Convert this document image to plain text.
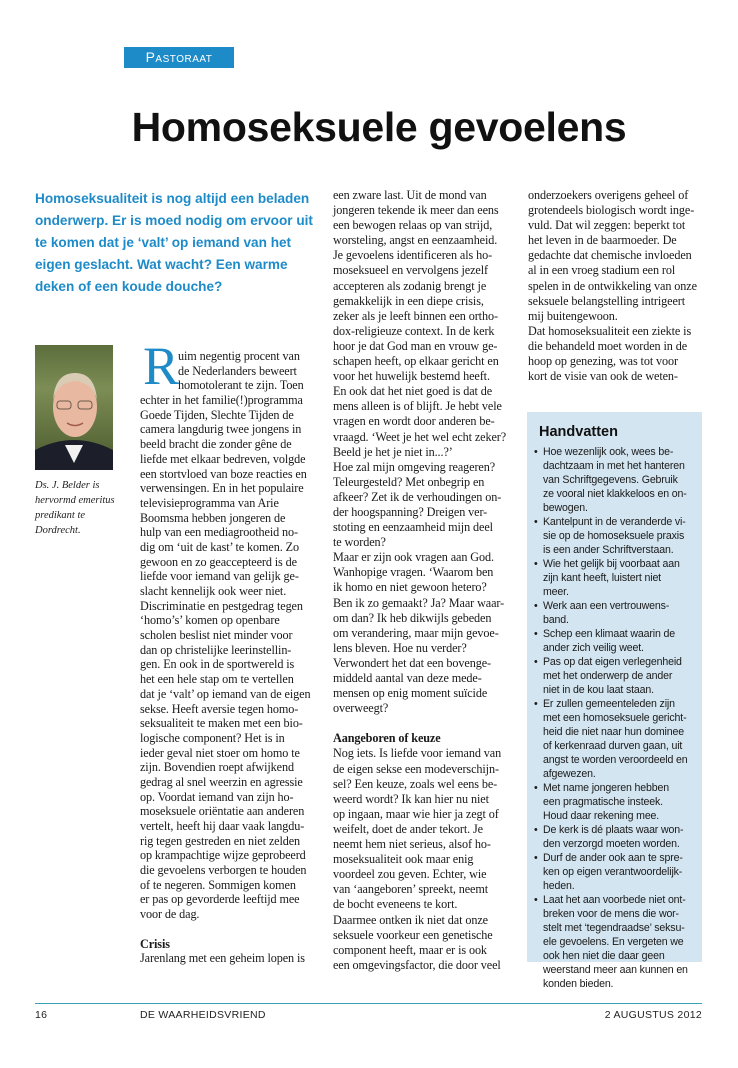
Pastoraat
Homoseksuele gevoelens
Homoseksualiteit is nog altijd een beladen onderwerp. Er is moed nodig om ervoor uit te komen dat je ‘valt’ op iemand van het eigen geslacht. Wat wacht? Een warme deken of een koude douche?
Ds. J. Belder is hervormd emeritus predikant te Dordrecht.
R
uim negentig procent van
de Nederlanders beweert
homotolerant te zijn. Toen
echter in het familie(!)programma
Goede Tijden, Slechte Tijden de
camera langdurig twee jongens in
beeld bracht die zonder gêne de
liefde met elkaar bedreven, volgde
een stortvloed van boze reacties en
verwensingen. En in het populaire
televisieprogramma van Arie
Boomsma hebben jongeren de
hulp van een mediagrootheid no-
dig om ‘uit de kast’ te komen. Zo
gewoon en zo geaccepteerd is de
liefde voor iemand van gelijk ge-
slacht kennelijk ook weer niet.
Discriminatie en pestgedrag tegen
‘homo’s’ komen op openbare
scholen beslist niet minder voor
dan op christelijke leerinstellin-
gen. En ook in de sportwereld is
het een hele stap om te vertellen
dat je ‘valt’ op iemand van de eigen
sekse. Heeft aversie tegen homo-
seksualiteit te maken met een bio-
logische component? Het is in
ieder geval niet stoer om homo te
zijn. Bovendien roept afwijkend
gedrag al snel weerzin en agressie
op. Voordat iemand van zijn ho-
moseksuele oriëntatie aan anderen
vertelt, heeft hij daar vaak langdu-
rig tegen gestreden en niet zelden
op krampachtige wijze geprobeerd
die gevoelens verborgen te houden
of te negeren. Sommigen komen
er pas op gevorderde leeftijd mee
voor de dag.
Crisis
Jarenlang met een geheim lopen is
een zware last. Uit de mond van
jongeren tekende ik meer dan eens
een bewogen relaas op van strijd,
worsteling, angst en eenzaamheid.
Je gevoelens identificeren als ho-
moseksueel en vervolgens jezelf
accepteren als zodanig brengt je
gemakkelijk in een diepe crisis,
zeker als je leeft binnen een ortho-
dox-religieuze context. In de kerk
hoor je dat God man en vrouw ge-
schapen heeft, op elkaar gericht en
voor het huwelijk bestemd heeft.
En ook dat het niet goed is dat de
mens alleen is of blijft. Je hebt vele
vragen en wordt door anderen be-
vraagd. ‘Weet je het wel echt zeker?
Beeld je het je niet in...?’
Hoe zal mijn omgeving reageren?
Teleurgesteld? Met onbegrip en
afkeer? Zet ik de verhoudingen on-
der hoogspanning? Dreigen ver-
stoting en eenzaamheid mijn deel
te worden?
Maar er zijn ook vragen aan God.
Wanhopige vragen. ‘Waarom ben
ik homo en niet gewoon hetero?
Ben ik zo gemaakt? Ja? Maar waar-
om dan? Ik heb dikwijls gebeden
om verandering, maar mijn gevoe-
lens bleven. Hoe nu verder?
Verwondert het dat een bovenge-
middeld aantal van deze mede-
mensen op enig moment suïcide
overweegt?
Aangeboren of keuze
Nog iets. Is liefde voor iemand van
de eigen sekse een modeverschijn-
sel? Een keuze, zoals wel eens be-
weerd wordt? Ik kan hier nu niet
op ingaan, maar wie hier ja zegt of
weifelt, doet de ander tekort. Je
neemt hem niet serieus, alsof ho-
moseksualiteit ook maar enig
voordeel zou geven. Echter, wie
van ‘aangeboren’ spreekt, neemt
de bocht eveneens te kort.
Daarmee ontken ik niet dat onze
seksuele voorkeur een genetische
component heeft, maar er is ook
een omgevingsfactor, die door veel
onderzoekers overigens geheel of
grotendeels biologisch wordt inge-
vuld. Dat wil zeggen: beperkt tot
het leven in de baarmoeder. De
gedachte dat chemische invloeden
al in een vroeg stadium een rol
spelen in de ontwikkeling van onze
seksuele belangstelling intrigeert
mij buitengewoon.
Dat homoseksualiteit een ziekte is
die behandeld moet worden in de
hoop op genezing, was tot voor
kort de visie van ook de weten-
Handvatten
• Hoe wezenlijk ook, wees be-
dachtzaam in met het hanteren
van Schriftgegevens. Gebruik
ze vooral niet klakkeloos en on-
bewogen.
• Kantelpunt in de veranderde vi-
sie op de homoseksuele praxis
is een ander Schriftverstaan.
• Wie het gelijk bij voorbaat aan
zijn kant heeft, luistert niet
meer.
• Werk aan een vertrouwens-
band.
• Schep een klimaat waarin de
ander zich veilig weet.
• Pas op dat eigen verlegenheid
met het onderwerp de ander
niet in de kou laat staan.
• Er zullen gemeenteleden zijn
met een homoseksuele gericht-
heid die niet naar hun dominee
of kerkenraad durven gaan, uit
angst te worden veroordeeld en
afgewezen.
• Met name jongeren hebben
een pragmatische insteek.
Houd daar rekening mee.
• De kerk is dé plaats waar won-
den verzorgd moeten worden.
• Durf de ander ook aan te spre-
ken op eigen verantwoordelijk-
heden.
• Laat het aan voorbede niet ont-
breken voor de mens die wor-
stelt met ‘tegendraadse’ seksu-
ele gevoelens. En vergeten we
ook hen niet die daar geen
weerstand meer aan kunnen en
konden bieden.
16	DE WAARHEIDSVRIEND	2 AUGUSTUS 2012
